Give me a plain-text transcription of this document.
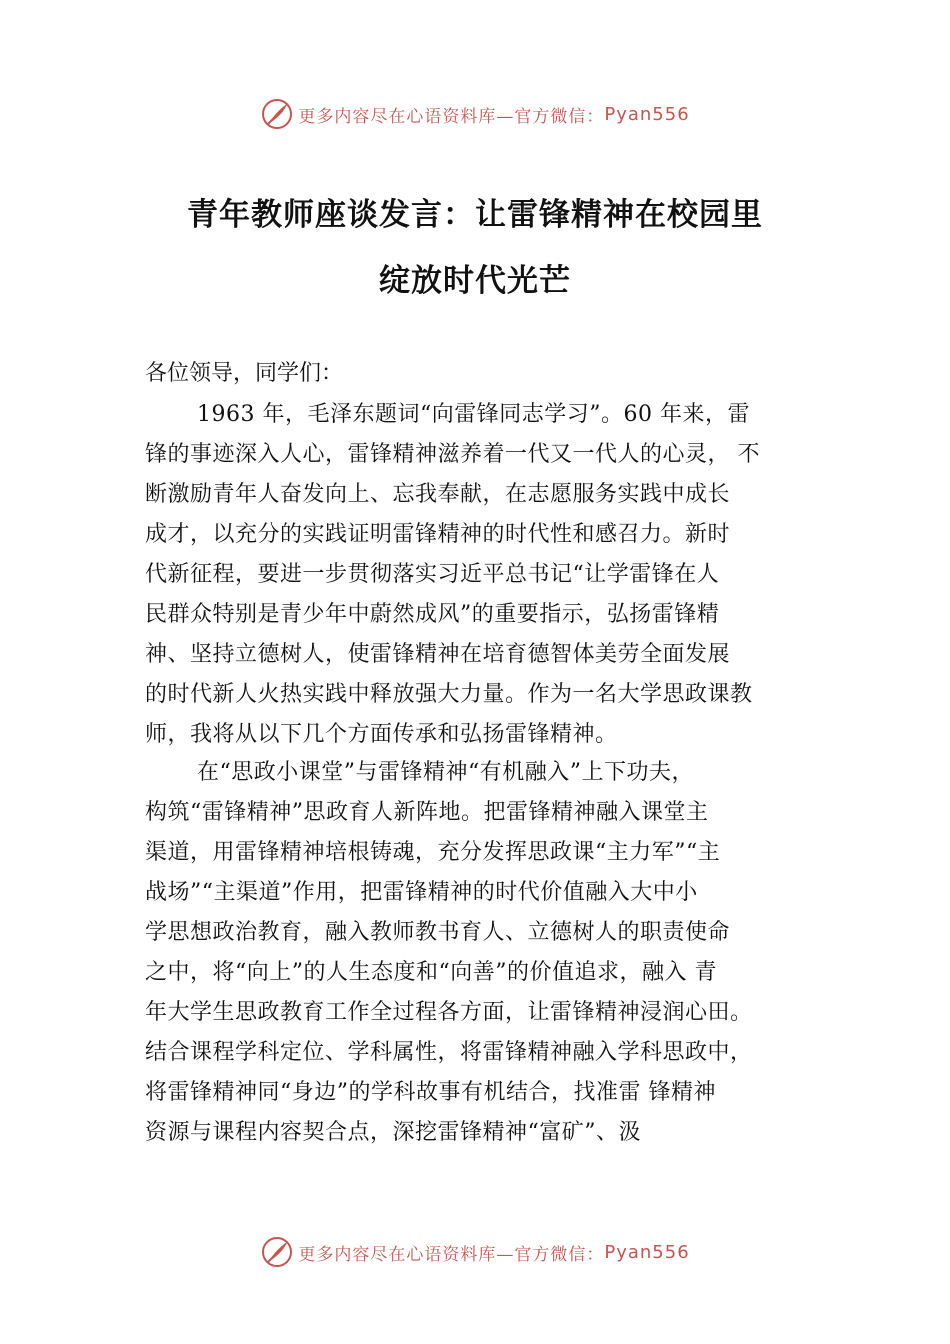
更多内容尽在心语资料库—官方微信： Pyan556
青年教师座谈发言：让雷锋精神在校园里
绽放时代光芒
各位领导，同学们：
1963 年，毛泽东题词“向雷锋同志学习”。60 年来，雷
锋的事迹深入人心，雷锋精神滋养着一代又一代人的心灵， 不
断激励青年人奋发向上、忘我奉献，在志愿服务实践中成长
成才，以充分的实践证明雷锋精神的时代性和感召力。新时
代新征程，要进一步贯彻落实习近平总书记“让学雷锋在人
民群众特别是青少年中蔚然成风”的重要指示，弘扬雷锋精
神、坚持立德树人，使雷锋精神在培育德智体美劳全面发展
的时代新人火热实践中释放强大力量。作为一名大学思政课教
师，我将从以下几个方面传承和弘扬雷锋精神。
在“思政小课堂”与雷锋精神“有机融入”上下功夫，
构筑“雷锋精神”思政育人新阵地。把雷锋精神融入课堂主
渠道，用雷锋精神培根铸魂，充分发挥思政课“主力军”“主
战场”“主渠道”作用，把雷锋精神的时代价值融入大中小
学思想政治教育，融入教师教书育人、立德树人的职责使命
之中，将“向上”的人生态度和“向善”的价值追求，融入 青
年大学生思政教育工作全过程各方面，让雷锋精神浸润心田。
结合课程学科定位、学科属性，将雷锋精神融入学科思政中，
将雷锋精神同“身边”的学科故事有机结合，找准雷 锋精神
资源与课程内容契合点，深挖雷锋精神“富矿”、汲
更多内容尽在心语资料库—官方微信： Pyan556
